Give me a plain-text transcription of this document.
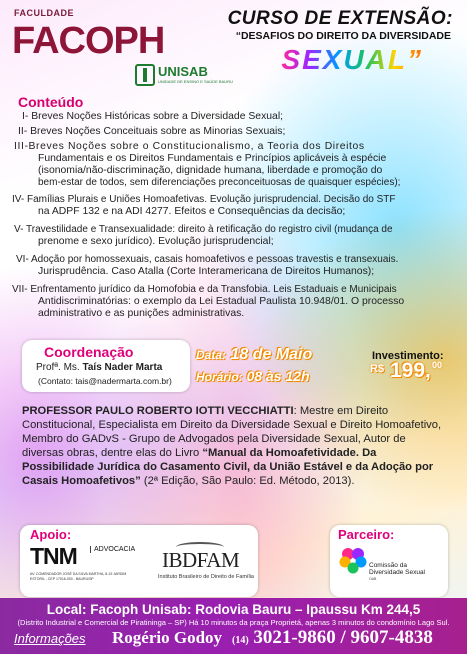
FACULDADE
FACOPH
UNISAB
UNIDADE DE ENSINO E SAÚDE BAURU
CURSO DE EXTENSÃO:
“DESAFIOS DO DIREITO DA DIVERSIDADE
SEXUAL”
Conteúdo
I- Breves Noções Históricas sobre a Diversidade Sexual;
II- Breves Noções Conceituais sobre as Minorias Sexuais;
III-Breves Noções sobre o Constitucionalismo, a Teoria dos Direitos
Fundamentais e os Direitos Fundamentais e Princípios aplicáveis à espécie
(isonomia/não-discriminação, dignidade humana, liberdade e promoção do
bem-estar de todos, sem diferenciações preconceituosas de quaisquer espécies);
IV- Famílias Plurais e Uniões Homoafetivas. Evolução jurisprudencial. Decisão do STF
na ADPF 132 e na ADI 4277. Efeitos e Consequências da decisão;
V- Travestilidade e Transexualidade: direito à retificação do registro civil (mudança de
prenome e sexo jurídico). Evolução jurisprudencial;
VI- Adoção por homossexuais, casais homoafetivos e pessoas travestis e transexuais.
Jurisprudência. Caso Atalla (Corte Interamericana de Direitos Humanos);
VII- Enfrentamento jurídico da Homofobia e da Transfobia. Leis Estaduais e Municipais
Antidiscriminatórias: o exemplo da Lei Estadual Paulista 10.948/01. O processo
administrativo e as punições administrativas.
Coordenação
Profª. Ms. Taís Nader Marta
(Contato: tais@nadermarta.com.br)
Data: 18 de Maio
Horário: 08 às 12h
Investimento:
R$ 199, 00
PROFESSOR PAULO ROBERTO IOTTI VECCHIATTI: Mestre em Direito Constitucional, Especialista em Direito da Diversidade Sexual e Direito Homoafetivo, Membro do GADvS - Grupo de Advogados pela Diversidade Sexual, Autor de diversas obras, dentre elas do Livro “Manual da Homoafetividade. Da Possibilidade Jurídica do Casamento Civil, da União Estável e da Adoção por Casais Homoafetivos” (2ª Edição, São Paulo: Ed. Método, 2013).
Apoio:
TNM	ADVOCACIA
AV. COMENDADOR JOSÉ DA SILVA MARTHA, 8-19 JARDIM ESTORIL - CEP 17016-000 - BAURU/SP
IBDFAM
Instituto Brasileiro de Direito de Família
Parceiro:
Comissão da
Diversidade Sexual
OAB
Local: Facoph Unisab: Rodovia Bauru – Ipaussu Km 244,5
(Distrito Industrial e Comercial de Piratininga – SP) Há 10 minutos da praça Proprietá, apenas 3 minutos do condomínio Lago Sul.
Informações Rogério Godoy (14) 3021-9860 / 9607-4838
